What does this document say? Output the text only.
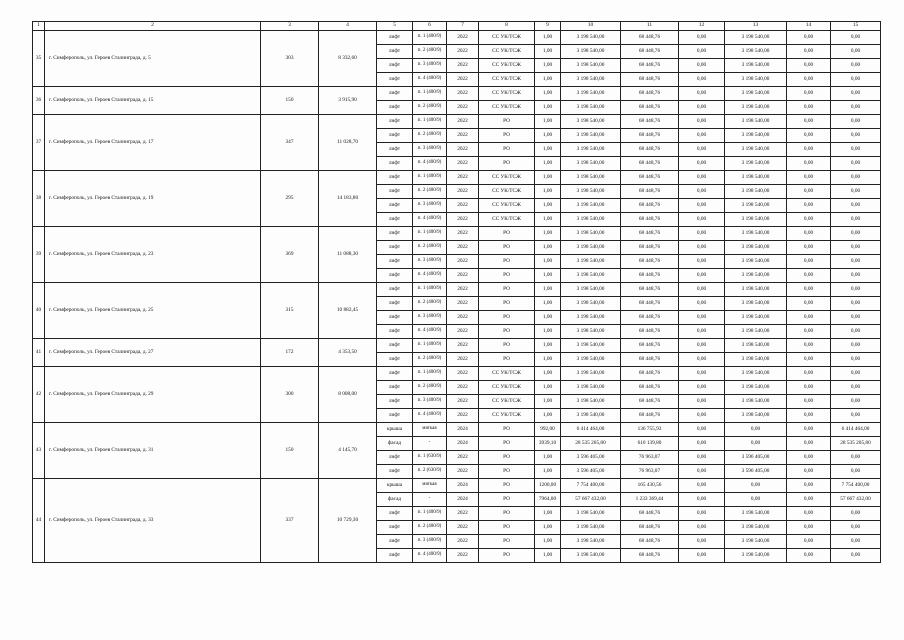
1	2	3	4	5	6	7	8	9	10	11	12	13	14	15
35	г. Симферополь, ул. Героев Сталинграда, д. 5	303	8 332,60	лифт	п. 1 (400/9)	2022	СС УК/ТСЖ	1,00	3 198 540,00	68 448,76	0,00	3 198 540,00	0,00	0,00
				лифт	п. 2 (400/9)	2022	СС УК/ТСЖ	1,00	3 198 540,00	68 448,76	0,00	3 198 540,00	0,00	0,00
				лифт	п. 3 (400/9)	2022	СС УК/ТСЖ	1,00	3 198 540,00	68 448,76	0,00	3 198 540,00	0,00	0,00
				лифт	п. 4 (400/9)	2022	СС УК/ТСЖ	1,00	3 198 540,00	68 448,76	0,00	3 198 540,00	0,00	0,00
36	г. Симферополь, ул. Героев Сталинграда, д. 15	150	3 915,90	лифт	п. 1 (400/9)	2022	СС УК/ТСЖ	1,00	3 198 540,00	68 448,76	0,00	3 198 540,00	0,00	0,00
				лифт	п. 2 (400/9)	2022	СС УК/ТСЖ	1,00	3 198 540,00	68 448,76	0,00	3 198 540,00	0,00	0,00
37	г. Симферополь, ул. Героев Сталинграда, д. 17	347	11 028,70	лифт	п. 1 (400/9)	2022	РО	1,00	3 198 540,00	68 448,76	0,00	3 198 540,00	0,00	0,00
				лифт	п. 2 (400/9)	2022	РО	1,00	3 198 540,00	68 448,76	0,00	3 198 540,00	0,00	0,00
				лифт	п. 3 (400/9)	2022	РО	1,00	3 198 540,00	68 448,76	0,00	3 198 540,00	0,00	0,00
				лифт	п. 4 (400/9)	2022	РО	1,00	3 198 540,00	68 448,76	0,00	3 198 540,00	0,00	0,00
38	г. Симферополь, ул. Героев Сталинграда, д. 19	295	14 183,80	лифт	п. 1 (400/9)	2022	СС УК/ТСЖ	1,00	3 198 540,00	68 448,76	0,00	3 198 540,00	0,00	0,00
				лифт	п. 2 (400/9)	2022	СС УК/ТСЖ	1,00	3 198 540,00	68 448,76	0,00	3 198 540,00	0,00	0,00
				лифт	п. 3 (400/9)	2022	СС УК/ТСЖ	1,00	3 198 540,00	68 448,76	0,00	3 198 540,00	0,00	0,00
				лифт	п. 4 (400/9)	2022	СС УК/ТСЖ	1,00	3 198 540,00	68 448,76	0,00	3 198 540,00	0,00	0,00
39	г. Симферополь, ул. Героев Сталинграда, д. 23	369	11 088,30	лифт	п. 1 (400/9)	2022	РО	1,00	3 198 540,00	68 448,76	0,00	3 198 540,00	0,00	0,00
				лифт	п. 2 (400/9)	2022	РО	1,00	3 198 540,00	68 448,76	0,00	3 198 540,00	0,00	0,00
				лифт	п. 3 (400/9)	2022	РО	1,00	3 198 540,00	68 448,76	0,00	3 198 540,00	0,00	0,00
				лифт	п. 4 (400/9)	2022	РО	1,00	3 198 540,00	68 448,76	0,00	3 198 540,00	0,00	0,00
40	г. Симферополь, ул. Героев Сталинграда, д. 25	315	10 882,45	лифт	п. 1 (400/9)	2022	РО	1,00	3 198 540,00	68 448,76	0,00	3 198 540,00	0,00	0,00
				лифт	п. 2 (400/9)	2022	РО	1,00	3 198 540,00	68 448,76	0,00	3 198 540,00	0,00	0,00
				лифт	п. 3 (400/9)	2022	РО	1,00	3 198 540,00	68 448,76	0,00	3 198 540,00	0,00	0,00
				лифт	п. 4 (400/9)	2022	РО	1,00	3 198 540,00	68 448,76	0,00	3 198 540,00	0,00	0,00
41	г. Симферополь, ул. Героев Сталинграда, д. 27	172	4 353,50	лифт	п. 1 (400/9)	2022	РО	1,00	3 198 540,00	68 448,76	0,00	3 198 540,00	0,00	0,00
				лифт	п. 2 (400/9)	2022	РО	1,00	3 198 540,00	68 448,76	0,00	3 198 540,00	0,00	0,00
42	г. Симферополь, ул. Героев Сталинграда, д. 29	300	8 008,00	лифт	п. 1 (400/9)	2022	СС УК/ТСЖ	1,00	3 198 540,00	68 448,76	0,00	3 198 540,00	0,00	0,00
				лифт	п. 2 (400/9)	2022	СС УК/ТСЖ	1,00	3 198 540,00	68 448,76	0,00	3 198 540,00	0,00	0,00
				лифт	п. 3 (400/9)	2022	СС УК/ТСЖ	1,00	3 198 540,00	68 448,76	0,00	3 198 540,00	0,00	0,00
				лифт	п. 4 (400/9)	2022	СС УК/ТСЖ	1,00	3 198 540,00	68 448,76	0,00	3 198 540,00	0,00	0,00
43	г. Симферополь, ул. Героев Сталинграда, д. 31	150	4 145,70	крыша	мягкая	2024	РО	992,00	6 414 464,00	136 755,93	0,00	0,00	0,00	6 414 464,00
				фасад	-	2024	РО	3939,10	28 535 205,80	610 139,80	0,00	0,00	0,00	28 535 205,80
				лифт	п. 1 (630/9)	2022	РО	1,00	3 596 405,00	76 963,07	0,00	3 596 405,00	0,00	0,00
				лифт	п. 2 (630/9)	2022	РО	1,00	3 596 405,00	76 963,07	0,00	3 596 405,00	0,00	0,00
44	г. Симферополь, ул. Героев Сталинграда, д. 33	337	10 729,30	крыша	мягкая	2024	РО	1200,00	7 754 400,00	165 430,56	0,00	0,00	0,00	7 754 400,00
				фасад	-	2024	РО	7964,00	57 667 432,00	1 233 369,44	0,00	0,00	0,00	57 667 432,00
				лифт	п. 1 (400/9)	2022	РО	1,00	3 198 540,00	68 448,76	0,00	3 198 540,00	0,00	0,00
				лифт	п. 2 (400/9)	2022	РО	1,00	3 198 540,00	68 448,76	0,00	3 198 540,00	0,00	0,00
				лифт	п. 3 (400/9)	2022	РО	1,00	3 198 540,00	68 448,76	0,00	3 198 540,00	0,00	0,00
				лифт	п. 4 (400/9)	2022	РО	1,00	3 198 540,00	68 448,76	0,00	3 198 540,00	0,00	0,00
